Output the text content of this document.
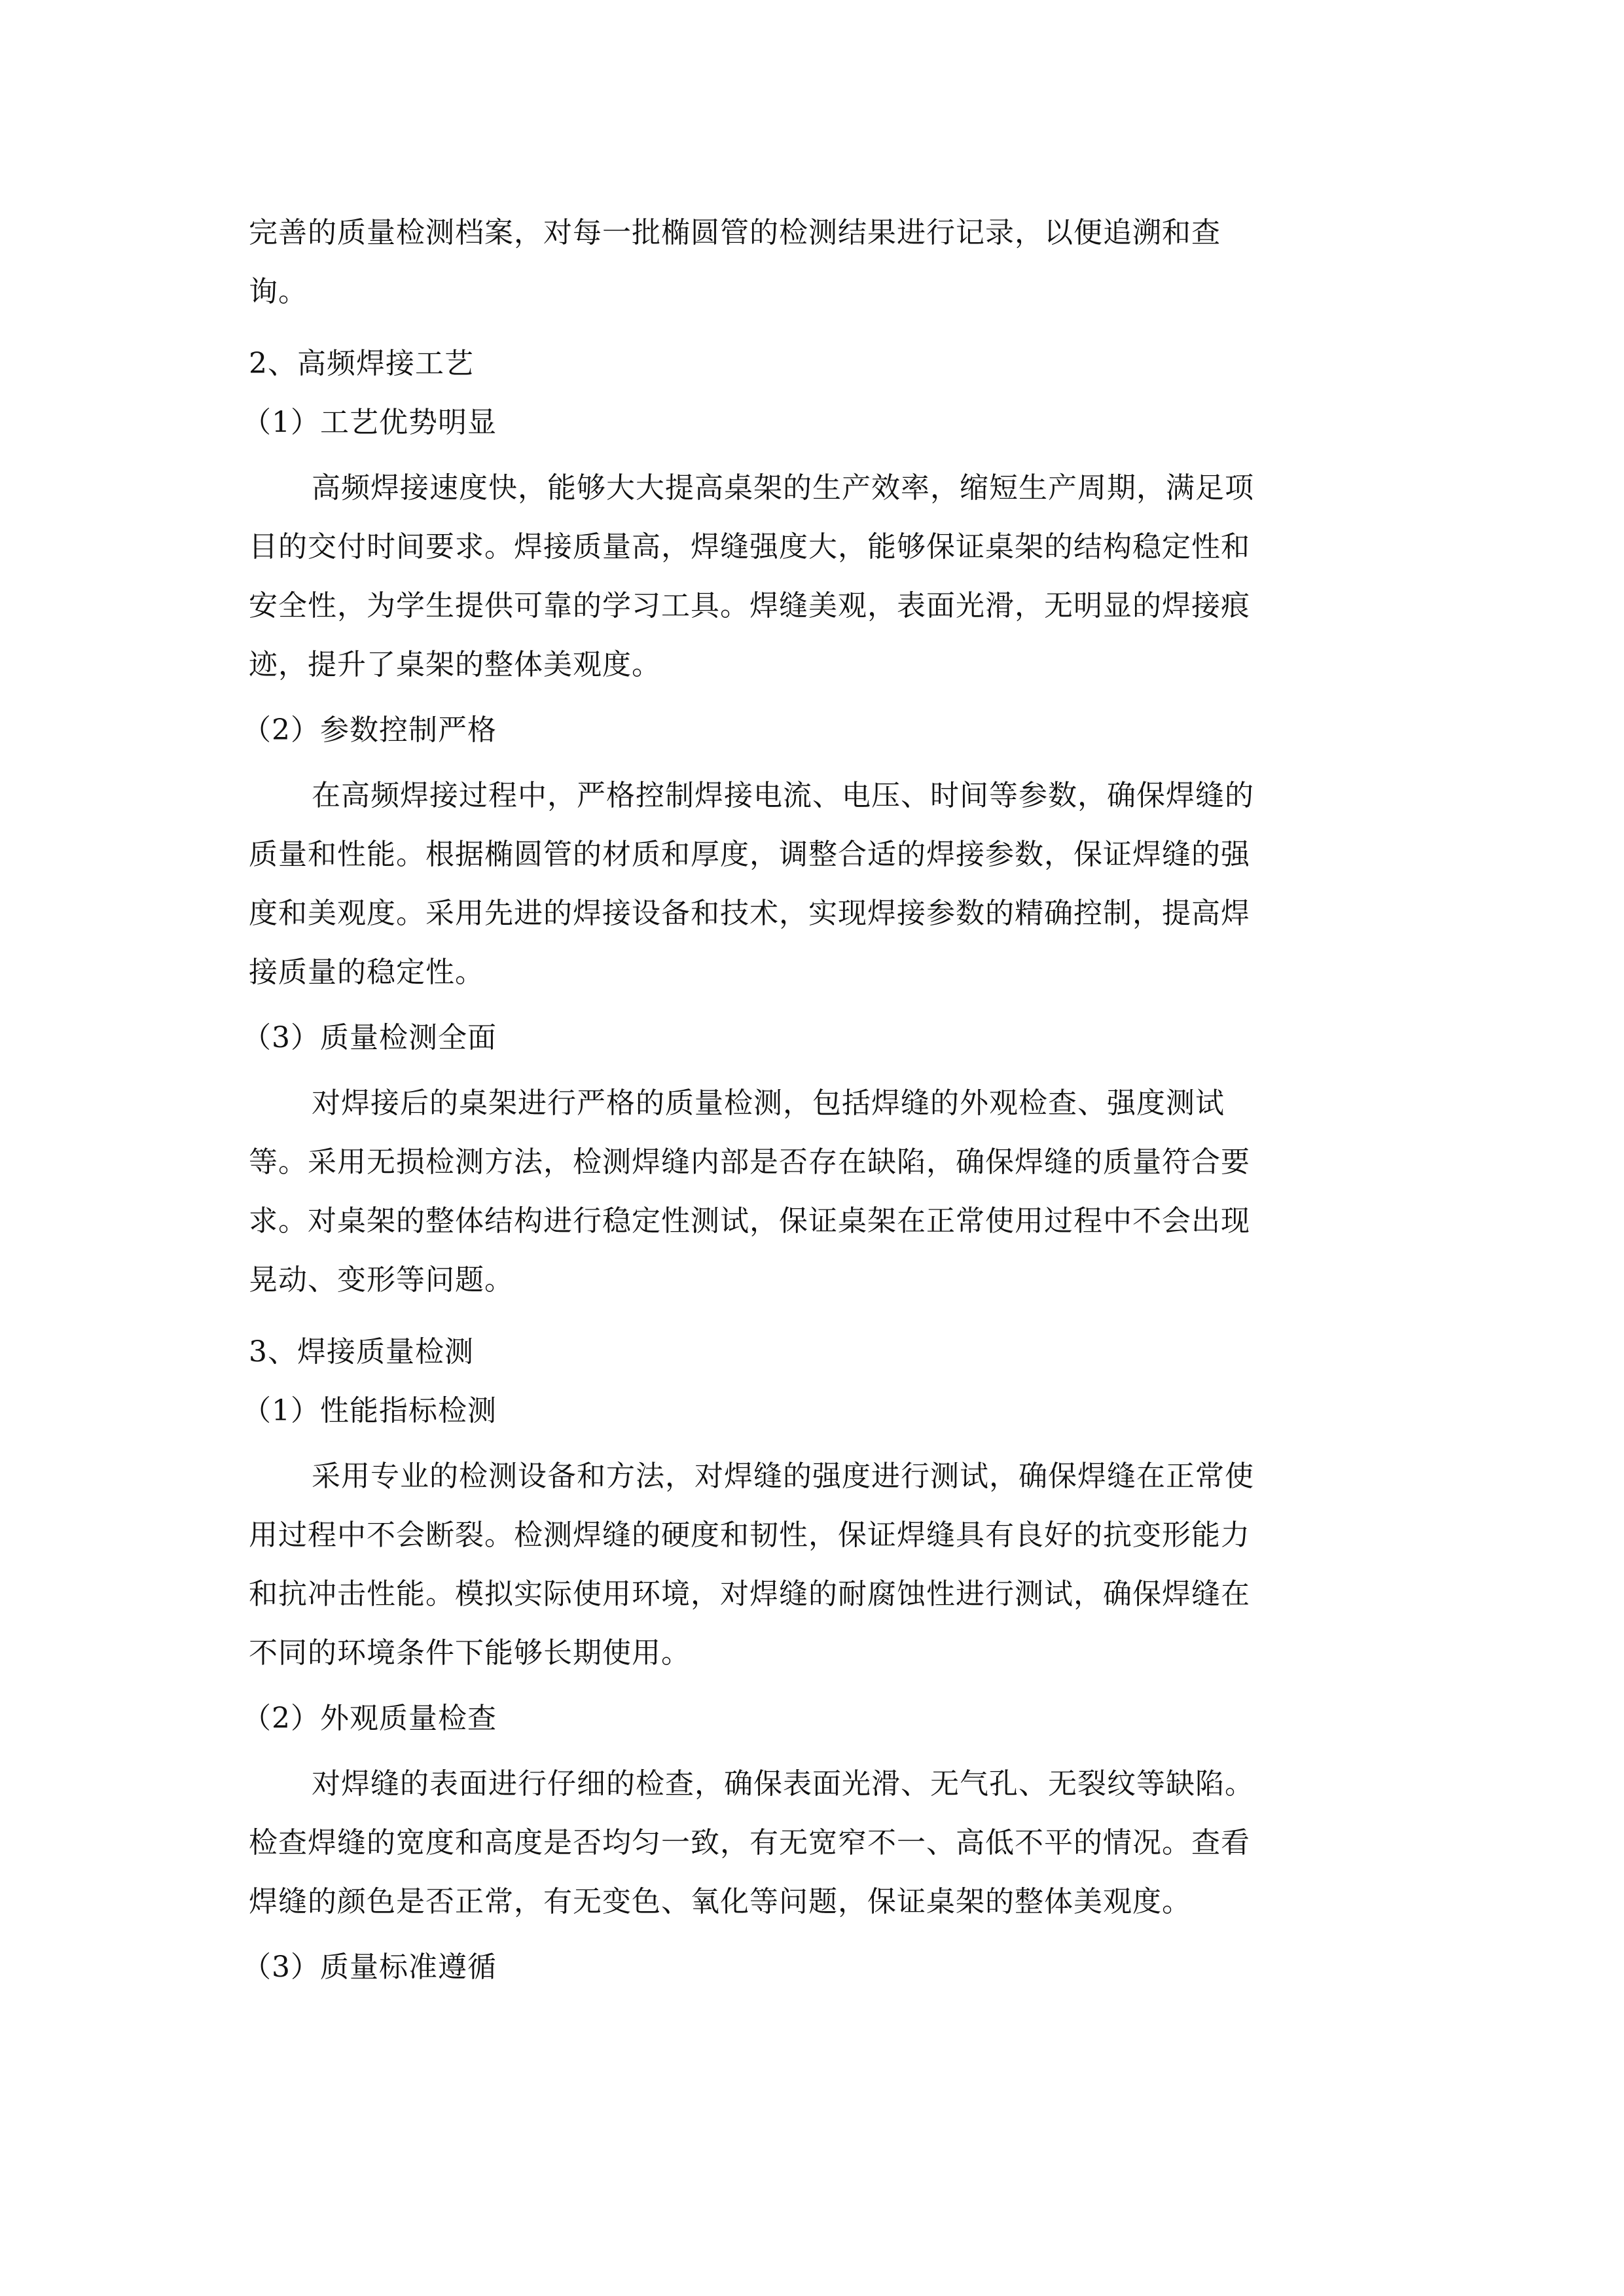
完善的质量检测档案，对每一批椭圆管的检测结果进行记录，以便追溯和查
询。
2、高频焊接工艺
（1）工艺优势明显
高频焊接速度快，能够大大提高桌架的生产效率，缩短生产周期，满足项
目的交付时间要求。焊接质量高，焊缝强度大，能够保证桌架的结构稳定性和
安全性，为学生提供可靠的学习工具。焊缝美观，表面光滑，无明显的焊接痕
迹，提升了桌架的整体美观度。
（2）参数控制严格
在高频焊接过程中，严格控制焊接电流、电压、时间等参数，确保焊缝的
质量和性能。根据椭圆管的材质和厚度，调整合适的焊接参数，保证焊缝的强
度和美观度。采用先进的焊接设备和技术，实现焊接参数的精确控制，提高焊
接质量的稳定性。
（3）质量检测全面
对焊接后的桌架进行严格的质量检测，包括焊缝的外观检查、强度测试
等。采用无损检测方法，检测焊缝内部是否存在缺陷，确保焊缝的质量符合要
求。对桌架的整体结构进行稳定性测试，保证桌架在正常使用过程中不会出现
晃动、变形等问题。
3、焊接质量检测
（1）性能指标检测
采用专业的检测设备和方法，对焊缝的强度进行测试，确保焊缝在正常使
用过程中不会断裂。检测焊缝的硬度和韧性，保证焊缝具有良好的抗变形能力
和抗冲击性能。模拟实际使用环境，对焊缝的耐腐蚀性进行测试，确保焊缝在
不同的环境条件下能够长期使用。
（2）外观质量检查
对焊缝的表面进行仔细的检查，确保表面光滑、无气孔、无裂纹等缺陷。
检查焊缝的宽度和高度是否均匀一致，有无宽窄不一、高低不平的情况。查看
焊缝的颜色是否正常，有无变色、氧化等问题，保证桌架的整体美观度。
（3）质量标准遵循
